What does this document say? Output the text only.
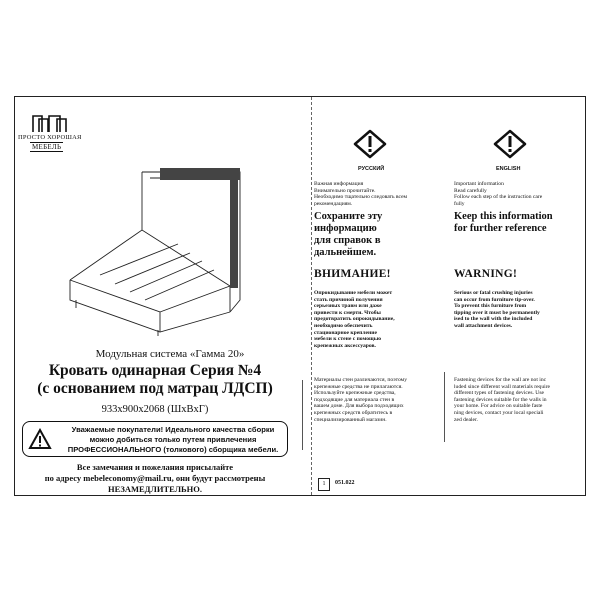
ПРОСТО ХОРОШАЯ
МЕБЕЛЬ
Модульная система «Гамма 20»
Кровать одинарная Серия №4
(с основанием под матрац ЛДСП)
933x900x2068 (ШxВxГ)
Уважаемые покупатели! Идеального качества сборки
можно добиться только путем привлечения
ПРОФЕССИОНАЛЬНОГО (толкового) сборщика мебели.
Все замечания и пожелания присылайте
по адресу mebeleconomy@mail.ru, они будут рассмотрены
НЕЗАМЕДЛИТЕЛЬНО.
РУССКИЙ
Важная информация
Внимательно прочитайте.
Необходимо тщательно следовать всем
рекомендациям.
Сохраните эту
информацию
для справок в
дальнейшем.
ВНИМАНИЕ!
Опрокидывание мебели может
стать причиной получения
серьезных травм или даже
привести к смерти. Чтобы
предотвратить опрокидывание,
необходимо обеспечить
стационарное крепление
мебели к стене с помощью
крепежных аксессуаров.
Материалы стен различаются, поэтому
крепежные средства не прилагаются.
Используйте крепежные средства,
подходящие для материала стен в
вашем доме. Для выбора подходящих
крепежных средств обратитесь в
специализированный магазин.
ENGLISH
Important information
Read carefully
Follow each step of the instruction care
fully
Keep this information
for further reference
WARNING!
Serious or fatal crushing injuries
can occur from furniture tip-over.
To prevent this furniture from
tipping over it must be permanently
ised to the wall with the included
wall attachment devices.
Fastening devices for the wall are not inc
luded since different wall materials require
different types of fastening devices. Use
fastening devices suitable for the walls in
your home. For advice on suitable faste
ning devices, contact your local speciali
zed dealer.
1	051.022
